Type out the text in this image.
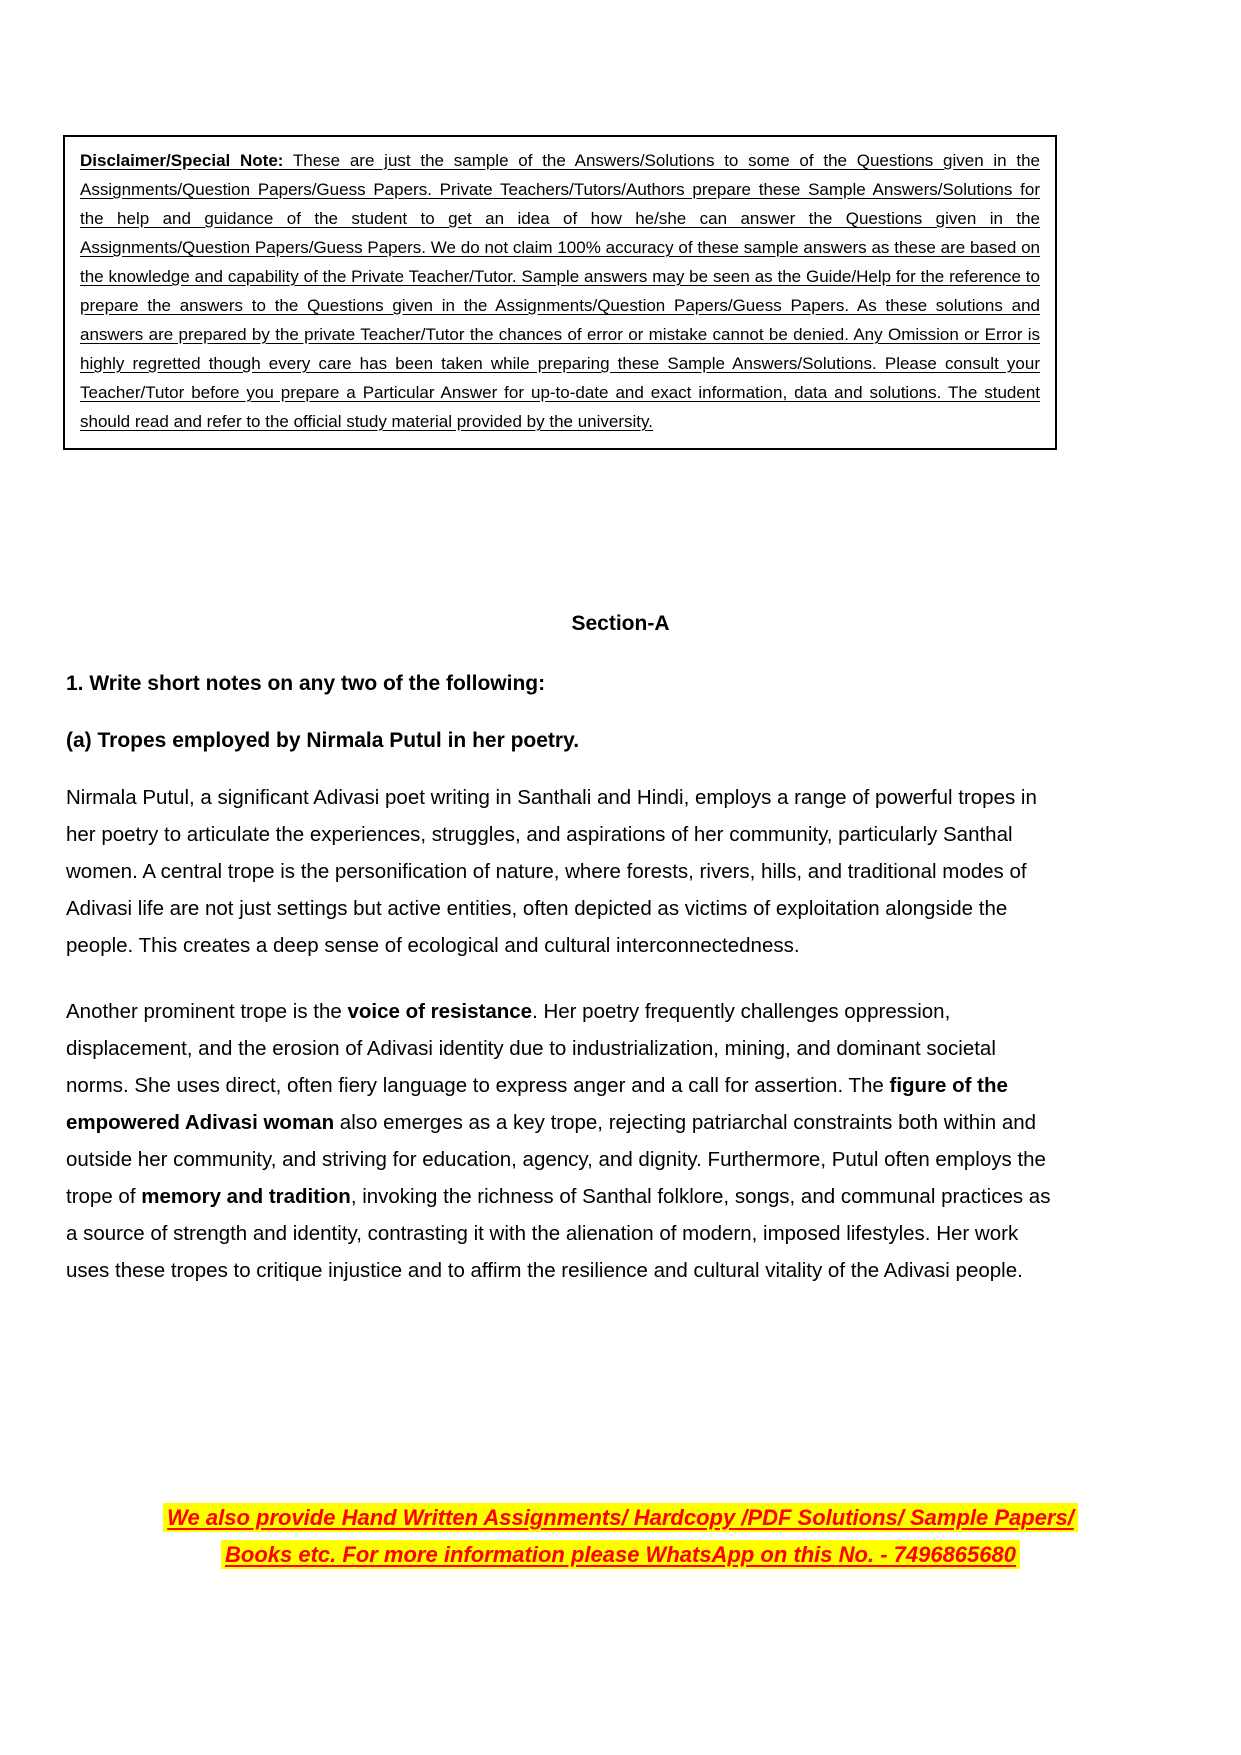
Disclaimer/Special Note: These are just the sample of the Answers/Solutions to some of the Questions given in the Assignments/Question Papers/Guess Papers. Private Teachers/Tutors/Authors prepare these Sample Answers/Solutions for the help and guidance of the student to get an idea of how he/she can answer the Questions given in the Assignments/Question Papers/Guess Papers. We do not claim 100% accuracy of these sample answers as these are based on the knowledge and capability of the Private Teacher/Tutor. Sample answers may be seen as the Guide/Help for the reference to prepare the answers to the Questions given in the Assignments/Question Papers/Guess Papers. As these solutions and answers are prepared by the private Teacher/Tutor the chances of error or mistake cannot be denied. Any Omission or Error is highly regretted though every care has been taken while preparing these Sample Answers/Solutions. Please consult your Teacher/Tutor before you prepare a Particular Answer for up-to-date and exact information, data and solutions. The student should read and refer to the official study material provided by the university.
Section-A
1. Write short notes on any two of the following:
(a) Tropes employed by Nirmala Putul in her poetry.

Nirmala Putul, a significant Adivasi poet writing in Santhali and Hindi, employs a range of powerful tropes in her poetry to articulate the experiences, struggles, and aspirations of her community, particularly Santhal women. A central trope is the personification of nature, where forests, rivers, hills, and traditional modes of Adivasi life are not just settings but active entities, often depicted as victims of exploitation alongside the people. This creates a deep sense of ecological and cultural interconnectedness.

Another prominent trope is the voice of resistance. Her poetry frequently challenges oppression, displacement, and the erosion of Adivasi identity due to industrialization, mining, and dominant societal norms. She uses direct, often fiery language to express anger and a call for assertion. The figure of the empowered Adivasi woman also emerges as a key trope, rejecting patriarchal constraints both within and outside her community, and striving for education, agency, and dignity. Furthermore, Putul often employs the trope of memory and tradition, invoking the richness of Santhal folklore, songs, and communal practices as a source of strength and identity, contrasting it with the alienation of modern, imposed lifestyles. Her work uses these tropes to critique injustice and to affirm the resilience and cultural vitality of the Adivasi people.

We also provide Hand Written Assignments/ Hardcopy /PDF Solutions/ Sample Papers/
Books etc. For more information please WhatsApp on this No. - 7496865680
